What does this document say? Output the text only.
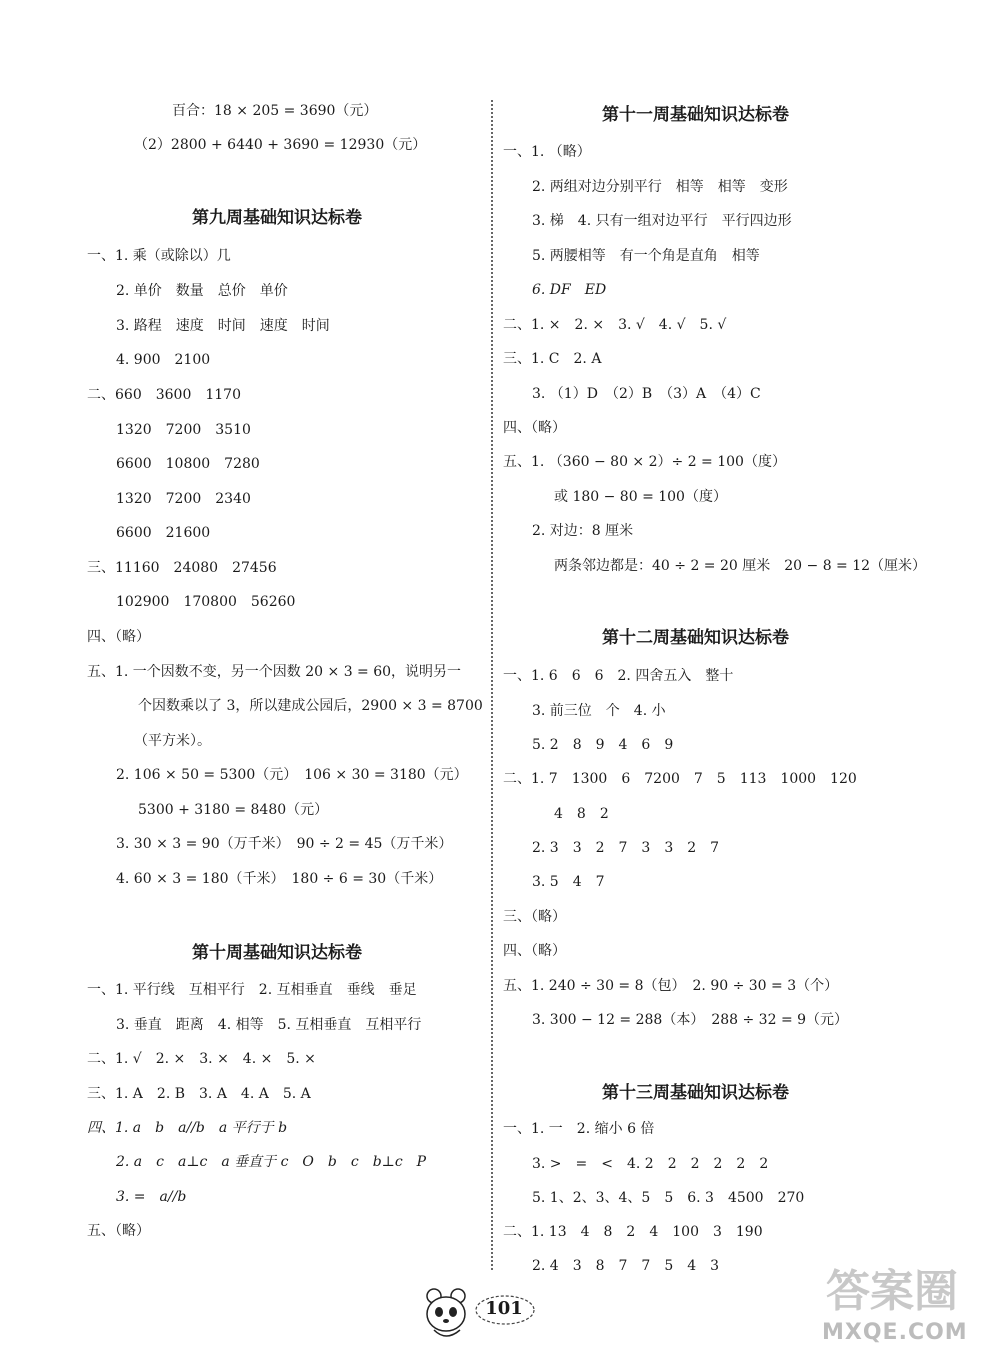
百合：18 × 205 = 3690（元）
（2）2800 + 6440 + 3690 = 12930（元）
第九周基础知识达标卷
一、1. 乘（或除以）几
2. 单价　数量　总价　单价
3. 路程　速度　时间　速度　时间
4. 900　2100
二、660　3600　1170
1320　7200　3510
6600　10800　7280
1320　7200　2340
6600　21600
三、11160　24080　27456
102900　170800　56260
四、（略）
五、1. 一个因数不变，另一个因数 20 × 3 = 60，说明另一
个因数乘以了 3，所以建成公园后，2900 × 3 = 8700
（平方米）。
2. 106 × 50 = 5300（元）　106 × 30 = 3180（元）
5300 + 3180 = 8480（元）
3. 30 × 3 = 90（万千米）　90 ÷ 2 = 45（万千米）
4. 60 × 3 = 180（千米）　180 ÷ 6 = 30（千米）
第十周基础知识达标卷
一、1. 平行线　互相平行　2. 互相垂直　垂线　垂足
3. 垂直　距离　4. 相等　5. 互相垂直　互相平行
二、1. √　2. ×　3. ×　4. ×　5. ×
三、1. A　2. B　3. A　4. A　5. A
四、1. a　b　a//b　a 平行于 b
2. a　c　a⊥c　a 垂直于 c　O　b　c　b⊥c　P
3. =　a//b
五、（略）
第十一周基础知识达标卷
一、1. （略）
2. 两组对边分别平行　相等　相等　变形
3. 梯　4. 只有一组对边平行　平行四边形
5. 两腰相等　有一个角是直角　相等
6. DF　ED
二、1. ×　2. ×　3. √　4. √　5. √
三、1. C　2. A
3. （1）D　（2）B　（3）A　（4）C
四、（略）
五、1. （360 − 80 × 2）÷ 2 = 100（度）
或 180 − 80 = 100（度）
2. 对边：8 厘米
两条邻边都是：40 ÷ 2 = 20 厘米　20 − 8 = 12（厘米）
第十二周基础知识达标卷
一、1. 6　6　6　2. 四舍五入　整十
3. 前三位　个　4. 小
5. 2　8　9　4　6　9
二、1. 7　1300　6　7200　7　5　113　1000　120
4　8　2
2. 3　3　2　7　3　3　2　7
3. 5　4　7
三、（略）
四、（略）
五、1. 240 ÷ 30 = 8（包）　2. 90 ÷ 30 = 3（个）
3. 300 − 12 = 288（本）　288 ÷ 32 = 9（元）
第十三周基础知识达标卷
一、1. 一　2. 缩小 6 倍
3. >　=　<　4. 2　2　2　2　2　2
5. 1、2、3、4、5　5　6. 3　4500　270
二、1. 13　4　8　2　4　100　3　190
2. 4　3　8　7　7　5　4　3
101	答案圈
MXQE.COM
